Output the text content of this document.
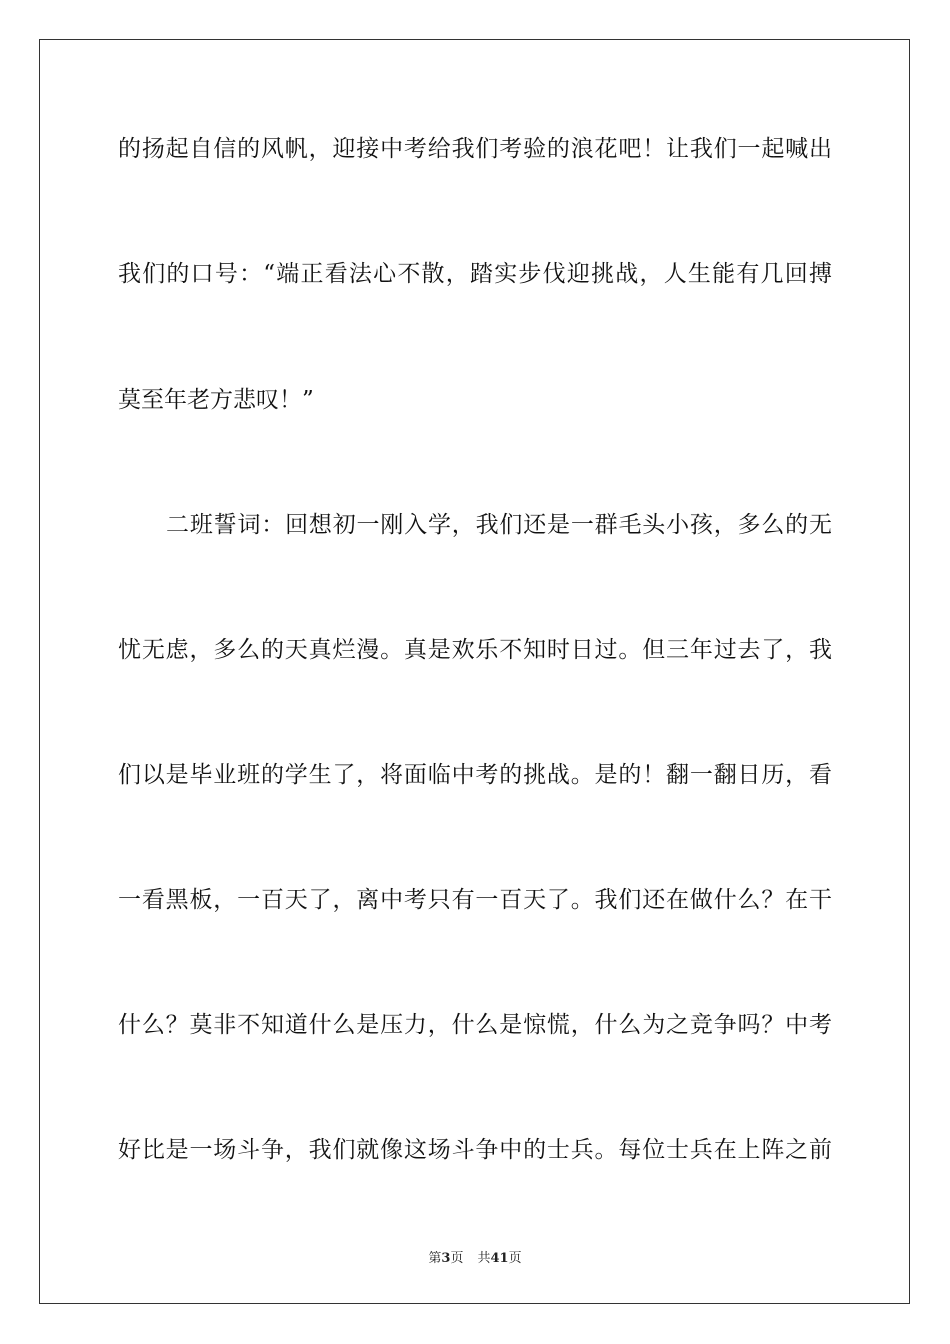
的扬起自信的风帆，迎接中考给我们考验的浪花吧！让我们一起喊出
我们的口号：“端正看法心不散，踏实步伐迎挑战，人生能有几回搏
莫至年老方悲叹！”
二班誓词：回想初一刚入学，我们还是一群毛头小孩，多么的无
忧无虑，多么的天真烂漫。真是欢乐不知时日过。但三年过去了，我
们以是毕业班的学生了，将面临中考的挑战。是的！翻一翻日历，看
一看黑板，一百天了，离中考只有一百天了。我们还在做什么？在干
什么？莫非不知道什么是压力，什么是惊慌，什么为之竞争吗？中考
好比是一场斗争，我们就像这场斗争中的士兵。每位士兵在上阵之前
第3页 共41页
